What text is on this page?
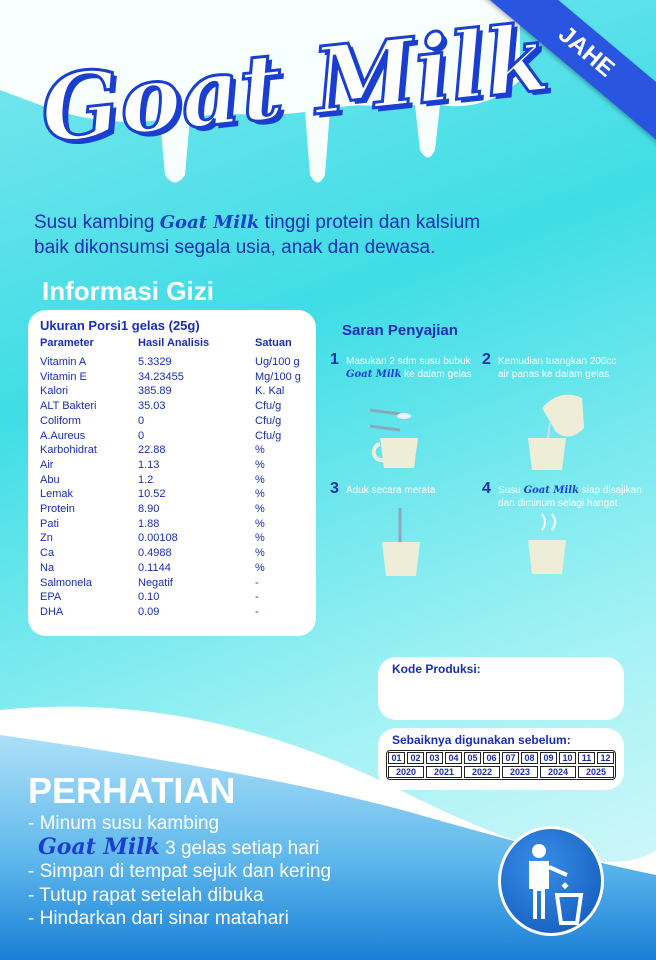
JAHE
Goat Milk
Susu kambing Goat Milk tinggi protein dan kalsium
baik dikonsumsi segala usia, anak dan dewasa.
Informasi Gizi
Ukuran Porsi1 gelas (25g)
Parameter	Hasil Analisis	Satuan
Vitamin A	5.3329	Ug/100 g
Vitamin E	34.23455	Mg/100 g
Kalori	385.89	K. Kal
ALT Bakteri	35.03	Cfu/g
Coliform	0	Cfu/g
A.Aureus	0	Cfu/g
Karbohidrat	22.88	%
Air	1.13	%
Abu	1.2	%
Lemak	10.52	%
Protein	8.90	%
Pati	1.88	%
Zn	0.00108	%
Ca	0.4988	%
Na	0.1144	%
Salmonela	Negatif	-
EPA	0.10	-
DHA	0.09	-
Saran Penyajian
1 Masukan 2 sdm susu bubuk
Goat Milk ke dalam gelas
2 Kemudian tuangkan 200cc
air panas ke dalam gelas
3 Aduk secara merata	4 Susu Goat Milk siap disajikan
dan diminum selagi hangat
Kode Produksi:
Sebaiknya digunakan sebelum:
01 02 03 04 05 06 07 08 09 10	11	12
2020	2021	2022	2023	2024	2025
PERHATIAN
- Minum susu kambing
Goat Milk 3 gelas setiap hari
- Simpan di tempat sejuk dan kering
- Tutup rapat setelah dibuka
- Hindarkan dari sinar matahari
